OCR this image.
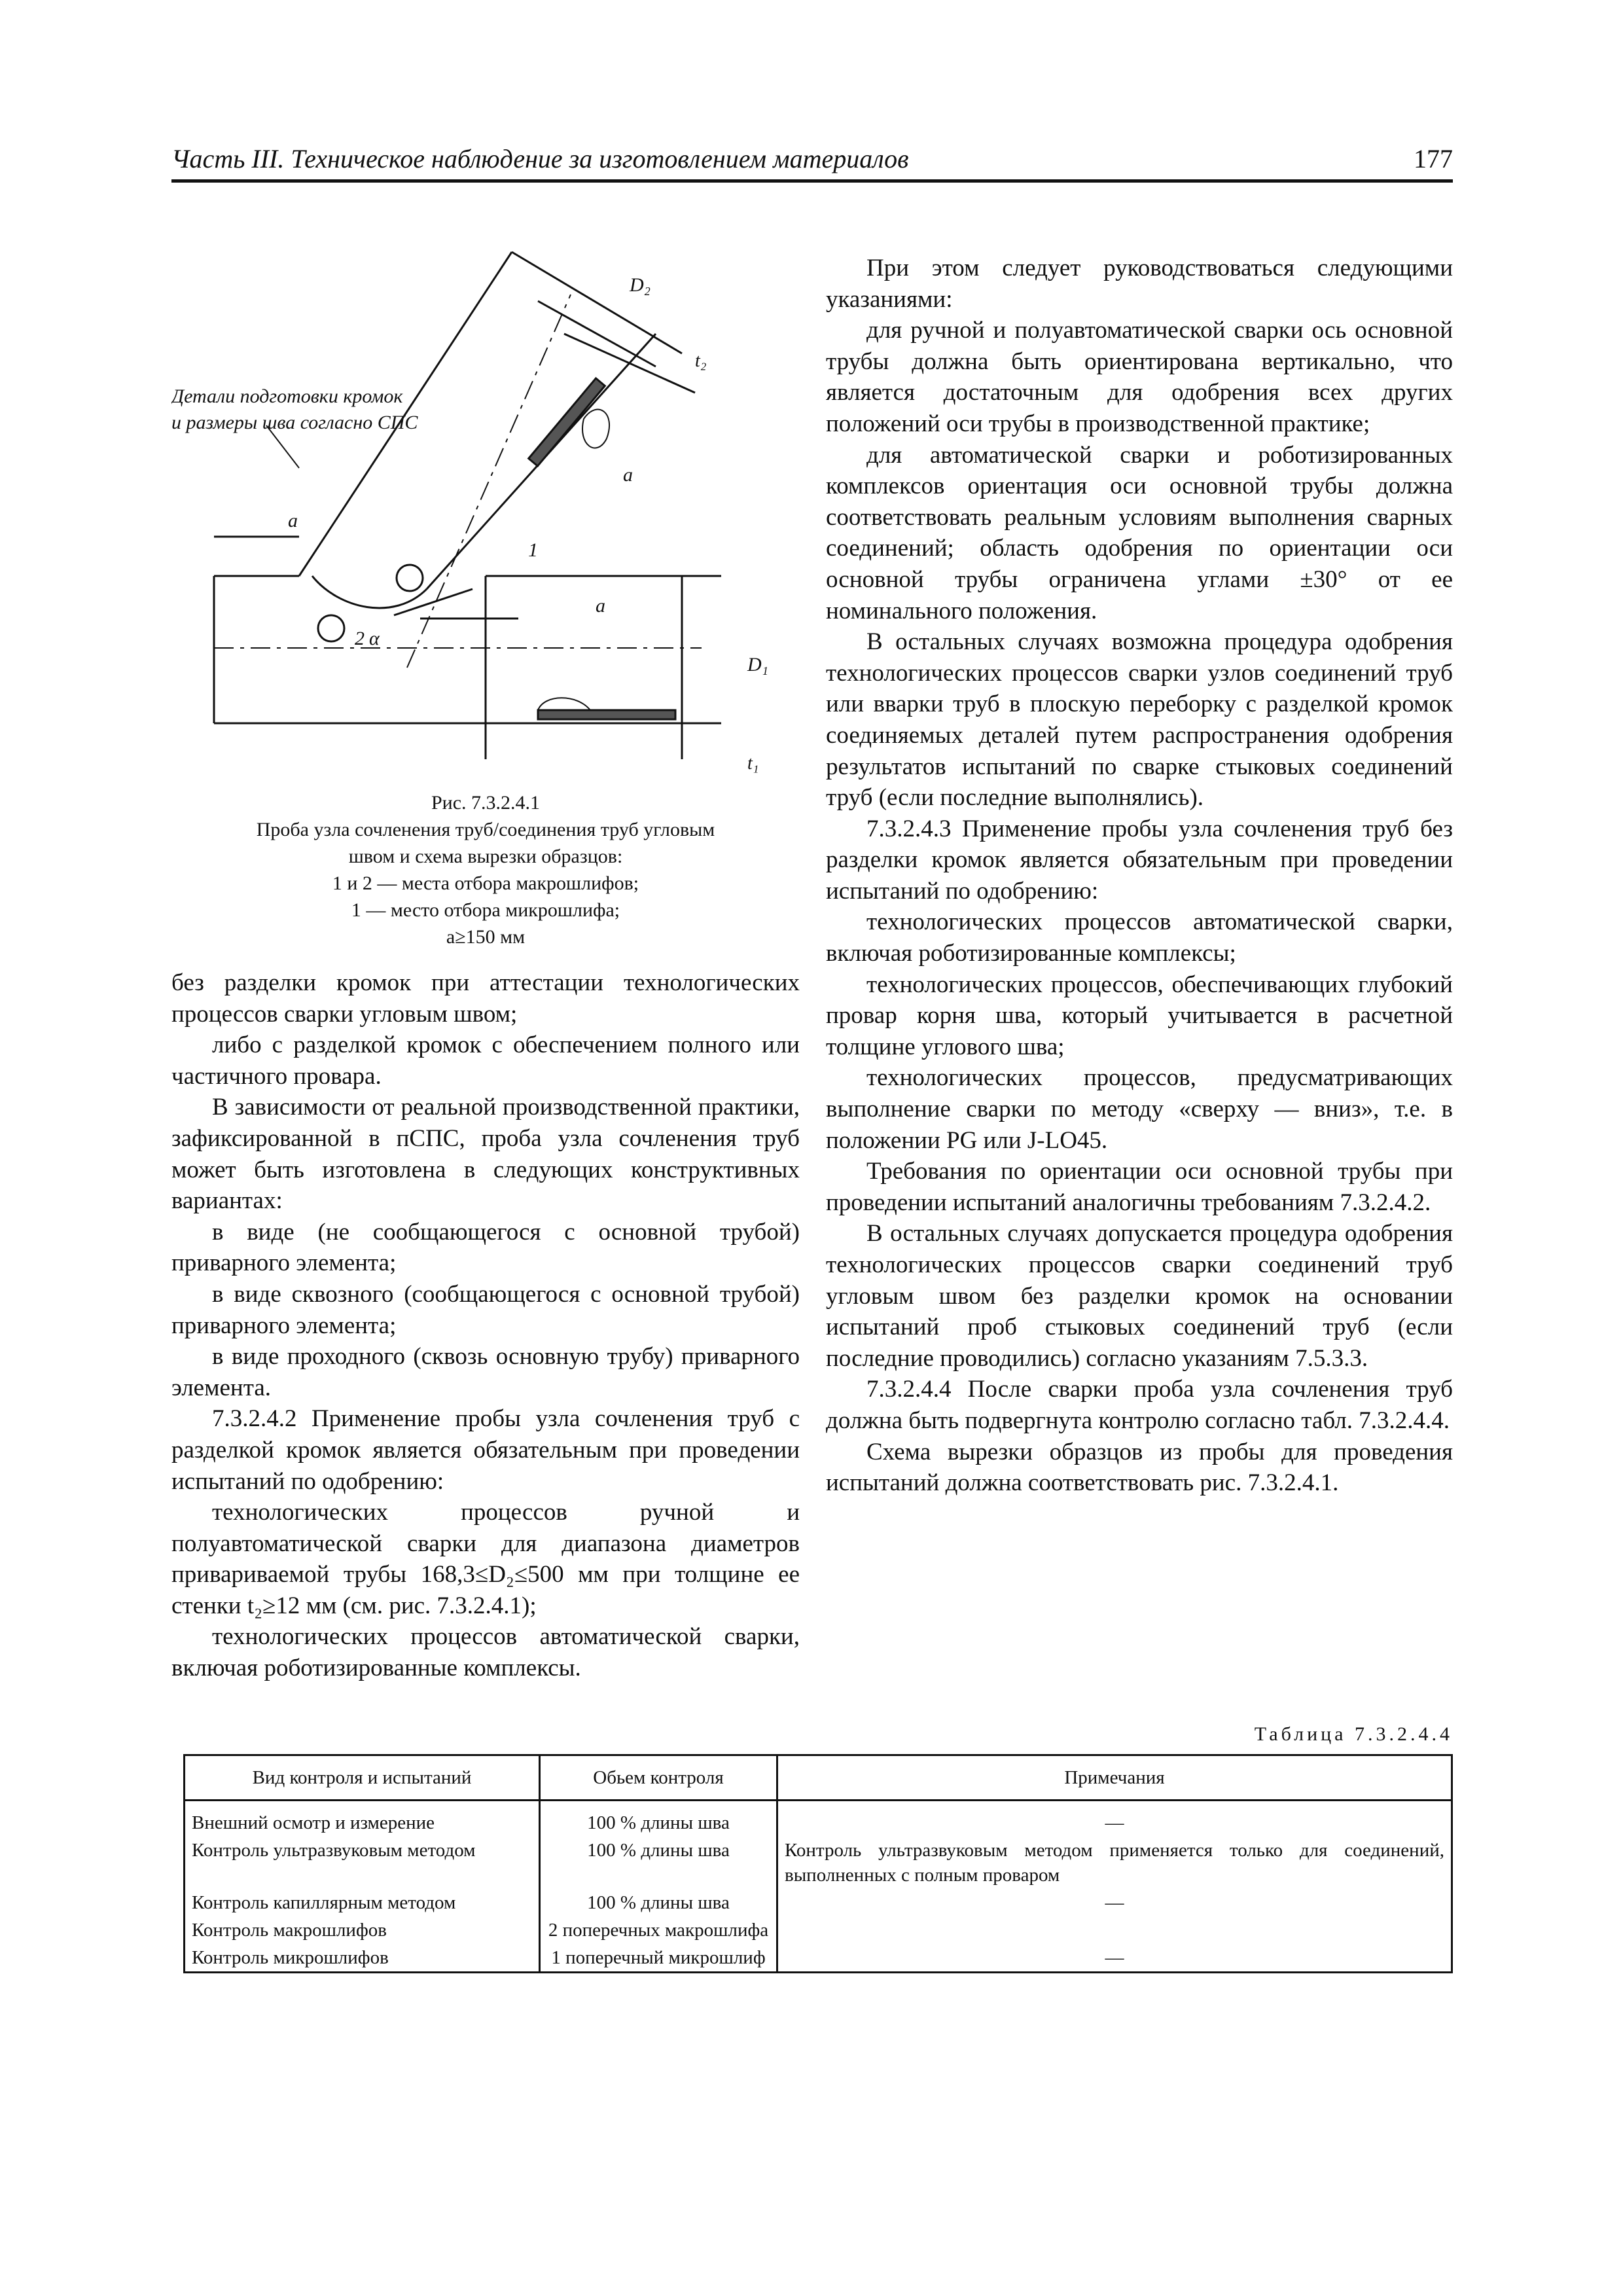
Часть III. Техническое наблюдение за изготовлением материалов	177
Детали подготовки кромок
и размеры шва согласно СПС
D₂
t₂
a
a
a
1
2 α
D₁
t₁
Рис. 7.3.2.4.1
Проба узла сочленения труб/соединения труб угловым
швом и схема вырезки образцов:
1 и 2 — места отбора макрошлифов;
1 — место отбора микрошлифа;
a≥150 мм

без разделки кромок при аттестации технологических процессов сварки угловым швом;

либо с разделкой кромок с обеспечением полного или частичного провара.

В зависимости от реальной производственной практики, зафиксированной в пСПС, проба узла сочленения труб может быть изготовлена в следующих конструктивных вариантах:

в виде (не сообщающегося с основной трубой) приварного элемента;

в виде сквозного (сообщающегося с основной трубой) приварного элемента;

в виде проходного (сквозь основную трубу) приварного элемента.

7.3.2.4.2 Применение пробы узла сочленения труб с разделкой кромок является обязательным при проведении испытаний по одобрению:

технологических процессов ручной и полуавтоматической сварки для диапазона диаметров привариваемой трубы 168,3≤D₂≤500 мм при толщине ее стенки t₂≥12 мм (см. рис. 7.3.2.4.1);

технологических процессов автоматической сварки, включая роботизированные комплексы.

При этом следует руководствоваться следующими указаниями:

для ручной и полуавтоматической сварки ось основной трубы должна быть ориентирована вертикально, что является достаточным для одобрения всех других положений оси трубы в производственной практике;

для автоматической сварки и роботизированных комплексов ориентация оси основной трубы должна соответствовать реальным условиям выполнения сварных соединений; область одобрения по ориентации оси основной трубы ограничена углами ±30° от ее номинального положения.

В остальных случаях возможна процедура одобрения технологических процессов сварки узлов соединений труб или вварки труб в плоскую переборку с разделкой кромок соединяемых деталей путем распространения одобрения результатов испытаний по сварке стыковых соединений труб (если последние выполнялись).

7.3.2.4.3 Применение пробы узла сочленения труб без разделки кромок является обязательным при проведении испытаний по одобрению:

технологических процессов автоматической сварки, включая роботизированные комплексы;

технологических процессов, обеспечивающих глубокий провар корня шва, который учитывается в расчетной толщине углового шва;

технологических процессов, предусматривающих выполнение сварки по методу «сверху — вниз», т.е. в положении PG или J-LO45.

Требования по ориентации оси основной трубы при проведении испытаний аналогичны требованиям 7.3.2.4.2.

В остальных случаях допускается процедура одобрения технологических процессов сварки соединений труб угловым швом без разделки кромок на основании испытаний проб стыковых соединений труб (если последние проводились) согласно указаниям 7.5.3.3.

7.3.2.4.4 После сварки проба узла сочленения труб должна быть подвергнута контролю согласно табл. 7.3.2.4.4.

Схема вырезки образцов из пробы для проведения испытаний должна соответствовать рис. 7.3.2.4.1.

Таблица 7.3.2.4.4
Вид контроля и испытаний	Обьем контроля	Примечания
Внешний осмотр и измерение	100 % длины шва	—
Контроль ультразвуковым методом	100 % длины шва	Контроль ультразвуковым методом применяется только для соединений, выполненных с полным проваром
Контроль капиллярным методом	100 % длины шва	—
Контроль макрошлифов	2 поперечных макрошлифа	
Контроль микрошлифов	1 поперечный микрошлиф	—
